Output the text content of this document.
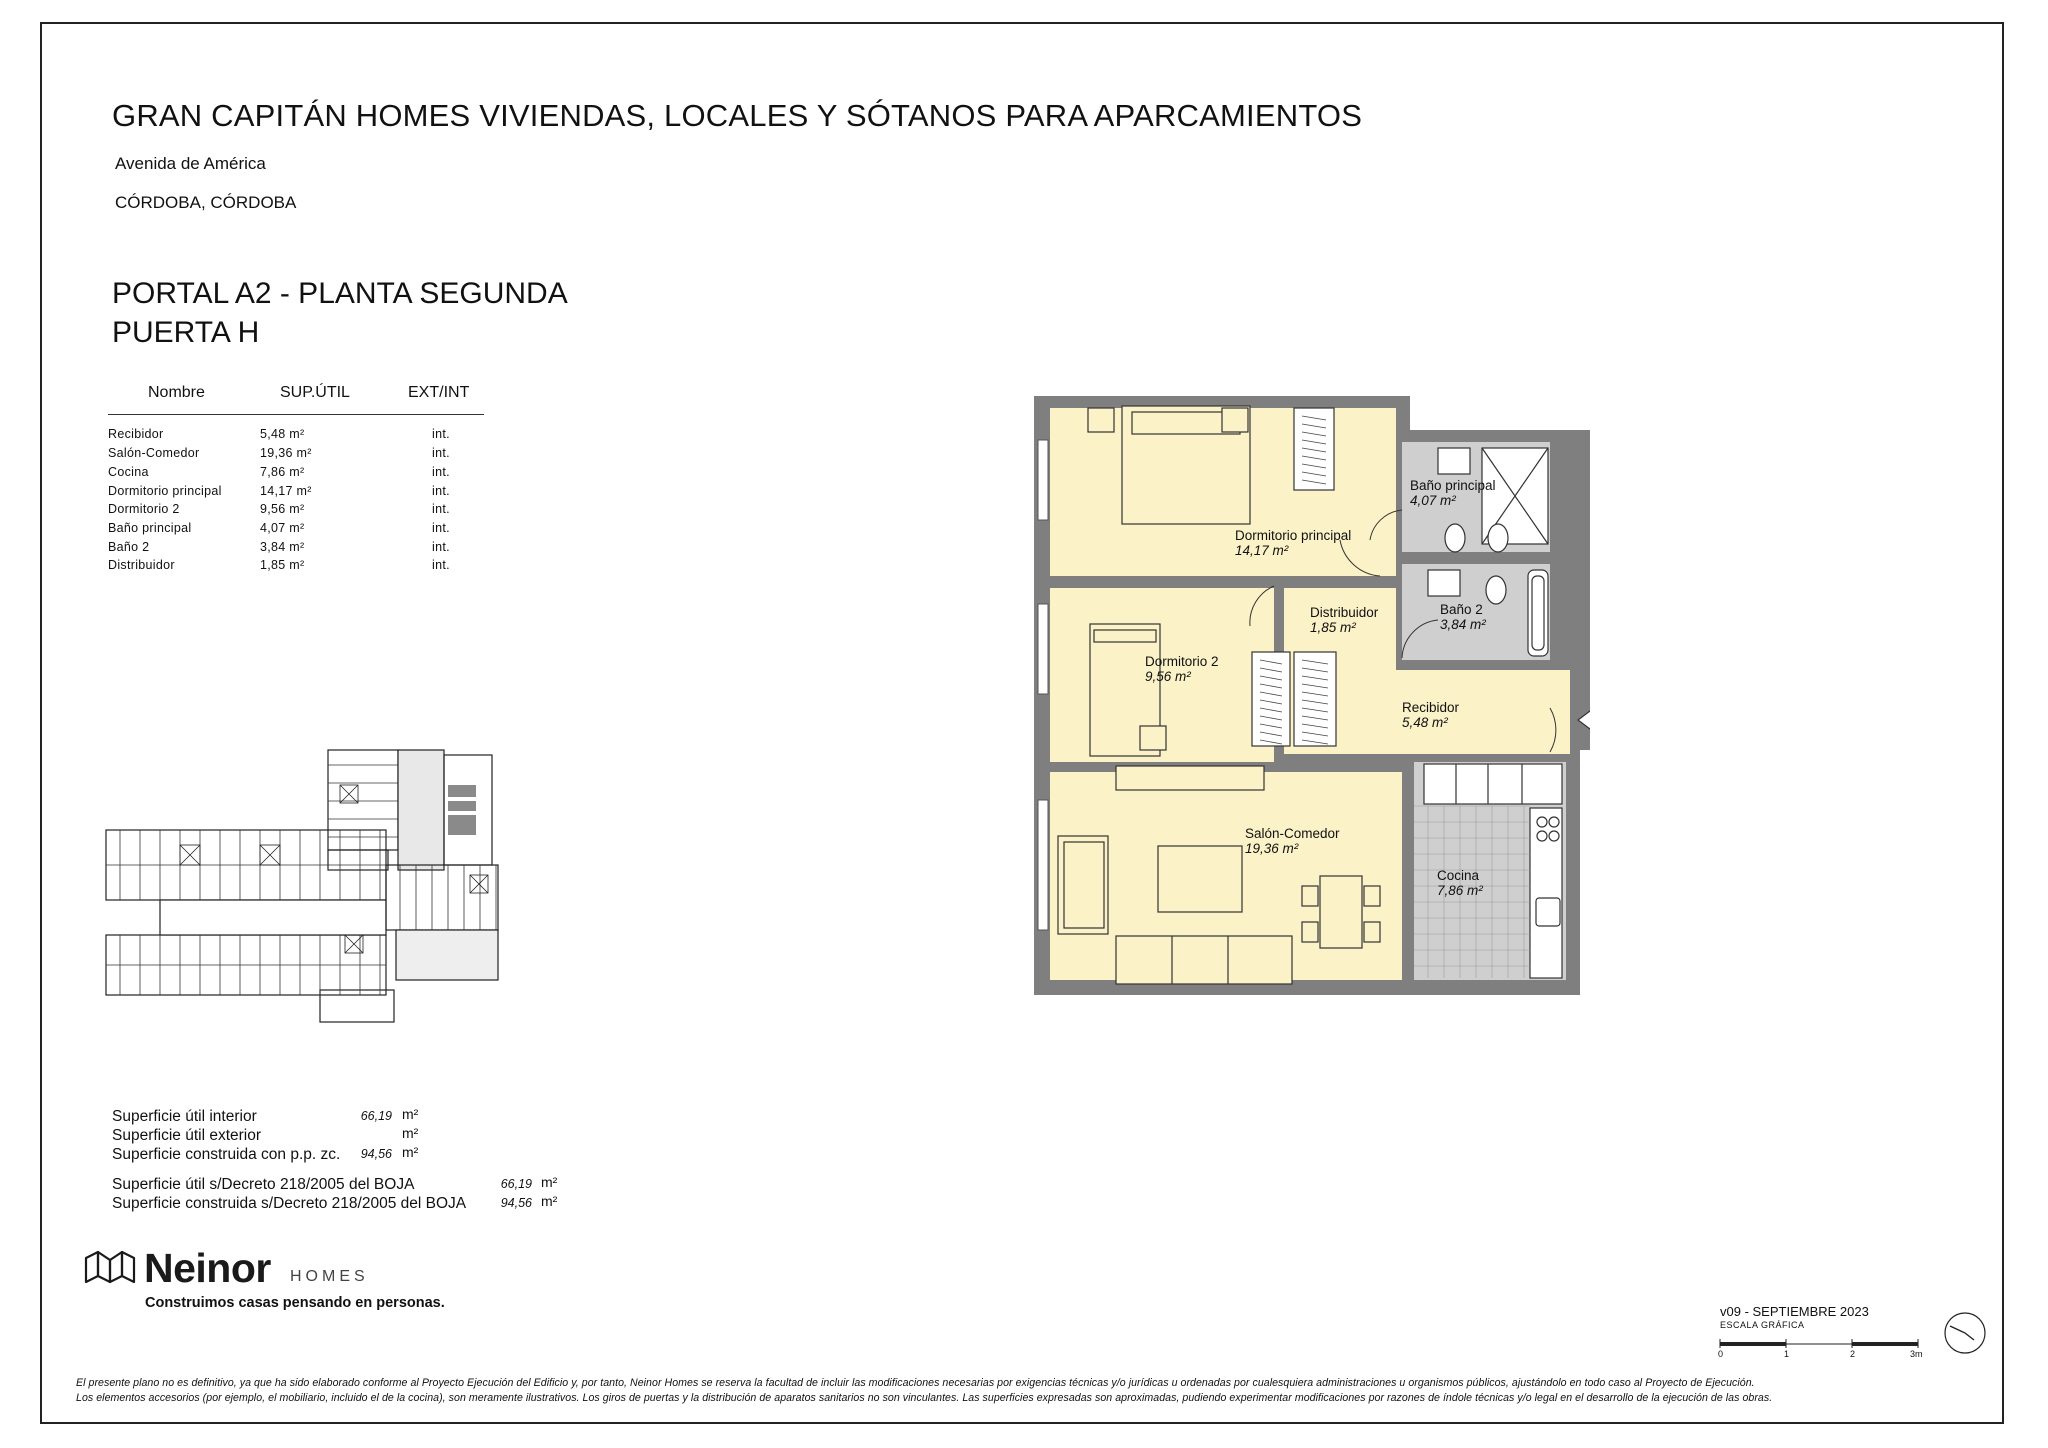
GRAN CAPITÁN HOMES VIVIENDAS, LOCALES Y SÓTANOS PARA APARCAMIENTOS
Avenida de América
CÓRDOBA, CÓRDOBA
PORTAL A2 - PLANTA SEGUNDA
PUERTA H
Nombre	SUP.ÚTIL	EXT/INT
Recibidor	5,48 m²	int.
Salón-Comedor	19,36 m²	int.
Cocina	7,86 m²	int.
Dormitorio principal	14,17 m²	int.
Dormitorio 2	9,56 m²	int.
Baño principal	4,07 m²	int.
Baño 2	3,84 m²	int.
Distribuidor	1,85 m²	int.
Superficie útil interior	66,19 m²
Superficie útil exterior	m²
Superficie construida con p.p. zc.	94,56 m²
Superficie útil s/Decreto 218/2005 del BOJA	66,19 m²
Superficie construida s/Decreto 218/2005 del BOJA	94,56 m²
Neinor HOMES
Construimos casas pensando en personas.
v09 - SEPTIEMBRE 2023
ESCALA GRÁFICA
0	1	2	3m
El presente plano no es definitivo, ya que ha sido elaborado conforme al Proyecto Ejecución del Edificio y, por tanto, Neinor Homes se reserva la facultad de incluir las modificaciones necesarias por exigencias técnicas y/o jurídicas u ordenadas por cualesquiera administraciones u organismos públicos, ajustándolo en todo caso al Proyecto de Ejecución.
Los elementos accesorios (por ejemplo, el mobiliario, incluido el de la cocina), son meramente ilustrativos. Los giros de puertas y la distribución de aparatos sanitarios no son vinculantes. Las superficies expresadas son aproximadas, pudiendo experimentar modificaciones por razones de índole técnicas y/o legal en el desarrollo de la ejecución de las obras.
Dormitorio principal
14,17 m²
Baño principal
4,07 m²
Distribuidor
1,85 m²
Baño 2
3,84 m²
Dormitorio 2
9,56 m²
Recibidor
5,48 m²
Salón-Comedor
19,36 m²
Cocina
7,86 m²
